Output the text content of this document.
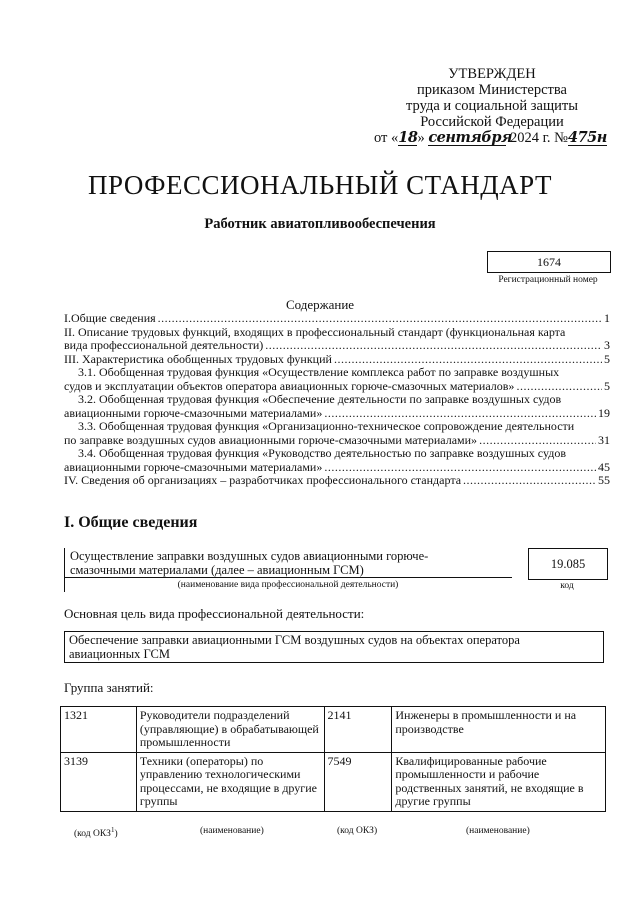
УТВЕРЖДЕН
приказом Министерства
труда и социальной защиты
Российской Федерации
от «18» сентября 2024 г. №475н
ПРОФЕССИОНАЛЬНЫЙ СТАНДАРТ
Работник авиатопливообеспечения
1674
Регистрационный номер
Содержание
I.Общие сведения .....	1
II. Описание трудовых функций, входящих в профессиональный стандарт (функциональная карта
вида профессиональной деятельности) .....	3
III. Характеристика обобщенных трудовых функций .....	5
3.1. Обобщенная трудовая функция «Осуществление комплекса работ по заправке воздушных
судов и эксплуатации объектов оператора авиационных горюче-смазочных материалов» .....	5
3.2. Обобщенная трудовая функция «Обеспечение деятельности по заправке воздушных судов
авиационными горюче-смазочными материалами» .....	19
3.3. Обобщенная трудовая функция «Организационно-техническое сопровождение деятельности
по заправке воздушных судов авиационными горюче-смазочными материалами» .....	31
3.4. Обобщенная трудовая функция «Руководство деятельностью по заправке воздушных судов
авиационными горюче-смазочными материалами» .....	45
IV. Сведения об организациях – разработчиках профессионального стандарта .....	55
I. Общие сведения
Осуществление заправки воздушных судов авиационными горюче-
смазочными материалами (далее – авиационным ГСМ)
(наименование вида профессиональной деятельности)
19.085
код
Основная цель вида профессиональной деятельности:
Обеспечение заправки авиационными ГСМ воздушных судов на объектах оператора
авиационных ГСМ
Группа занятий:
1321	Руководители подразделений (управляющие) в обрабатывающей промышленности	2141	Инженеры в промышленности и на производстве
3139	Техники (операторы) по управлению технологическими процессами, не входящие в другие группы	7549	Квалифицированные рабочие промышленности и рабочие родственных занятий, не входящие в другие группы
(код ОКЗ$^1$)	(наименование)	(код ОКЗ)	(наименование)
